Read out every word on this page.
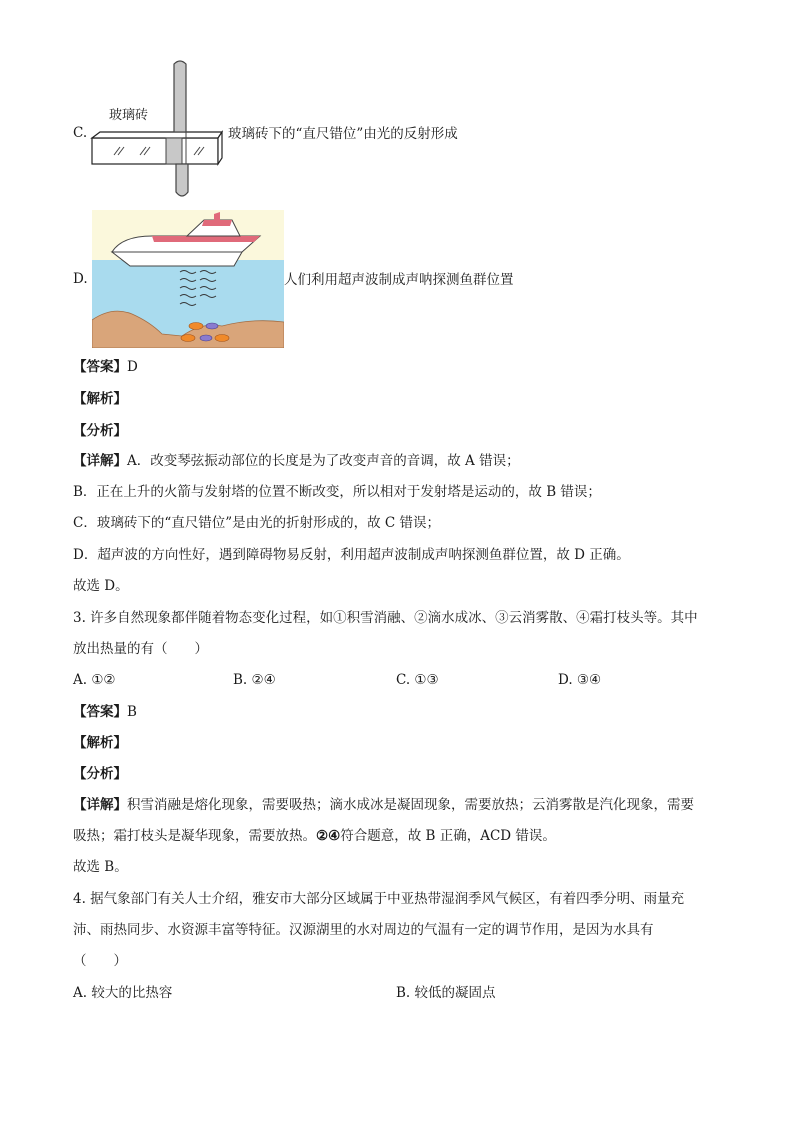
C.
玻璃砖
玻璃砖下的“直尺错位”由光的反射形成
D.	人们利用超声波制成声呐探测鱼群位置
【答案】D
【解析】
【分析】
【详解】A．改变琴弦振动部位的长度是为了改变声音的音调，故 A 错误；
B．正在上升的火箭与发射塔的位置不断改变，所以相对于发射塔是运动的，故 B 错误；
C．玻璃砖下的“直尺错位”是由光的折射形成的，故 C 错误；
D．超声波的方向性好，遇到障碍物易反射，利用超声波制成声呐探测鱼群位置，故 D 正确。
故选 D。
3. 许多自然现象都伴随着物态变化过程，如①积雪消融、②滴水成冰、③云消雾散、④霜打枝头等。其中
放出热量的有（　　）
A. ①②	B. ②④	C. ①③	D. ③④
【答案】B
【解析】
【分析】
【详解】积雪消融是熔化现象，需要吸热；滴水成冰是凝固现象，需要放热；云消雾散是汽化现象，需要
吸热；霜打枝头是凝华现象，需要放热。②④符合题意，故 B 正确，ACD 错误。
故选 B。
4. 据气象部门有关人士介绍，雅安市大部分区域属于中亚热带湿润季风气候区，有着四季分明、雨量充
沛、雨热同步、水资源丰富等特征。汉源湖里的水对周边的气温有一定的调节作用，是因为水具有
（　　）
A. 较大的比热容	B. 较低的凝固点
